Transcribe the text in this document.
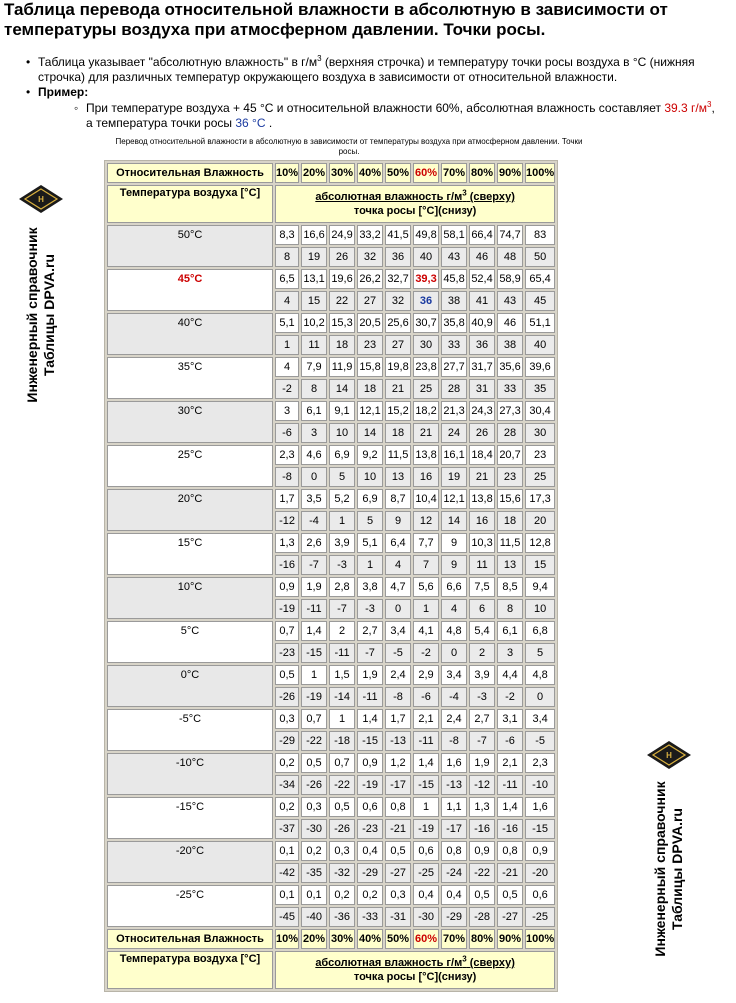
Таблица перевода относительной влажности в абсолютную в зависимости от температуры воздуха при атмосферном давлении. Точки росы.
• Таблица указывает "абсолютную влажность" в $г/м^3$ (верхняя строчка) и температуру точки росы воздуха в °С (нижняя строчка) для различных температур окружающего воздуха в зависимости от относительной влажности.
• Пример:
◦ При температуре воздуха + 45 °С и относительной влажности 60%, абсолютная влажность составляет 39.3 $г/м^3$, а температура точки росы 36 °С .
Перевод относительной влажности в абсолютную в зависимости от температуры воздуха при атмосферном давлении. Точки росы.
Относительная Влажность	10%	20%	30%	40%	50%	60%	70%	80%	90%	100%
Температура воздуха [°С]	абсолютная влажность $г/м^3$ (сверху)
точка росы [°С](снизу)									
50°C	8,3	16,6	24,9	33,2	41,5	49,8	58,1	66,4	74,7	83
	8	19	26	32	36	40	43	46	48	50
45°C	6,5	13,1	19,6	26,2	32,7	39,3	45,8	52,4	58,9	65,4
	4	15	22	27	32	36	38	41	43	45
40°C	5,1	10,2	15,3	20,5	25,6	30,7	35,8	40,9	46	51,1
	1	11	18	23	27	30	33	36	38	40
35°C	4	7,9	11,9	15,8	19,8	23,8	27,7	31,7	35,6	39,6
	-2	8	14	18	21	25	28	31	33	35
30°C	3	6,1	9,1	12,1	15,2	18,2	21,3	24,3	27,3	30,4
	-6	3	10	14	18	21	24	26	28	30
25°C	2,3	4,6	6,9	9,2	11,5	13,8	16,1	18,4	20,7	23
	-8	0	5	10	13	16	19	21	23	25
20°C	1,7	3,5	5,2	6,9	8,7	10,4	12,1	13,8	15,6	17,3
	-12	-4	1	5	9	12	14	16	18	20
15°C	1,3	2,6	3,9	5,1	6,4	7,7	9	10,3	11,5	12,8
	-16	-7	-3	1	4	7	9	11	13	15
10°C	0,9	1,9	2,8	3,8	4,7	5,6	6,6	7,5	8,5	9,4
	-19	-11	-7	-3	0	1	4	6	8	10
5°C	0,7	1,4	2	2,7	3,4	4,1	4,8	5,4	6,1	6,8
	-23	-15	-11	-7	-5	-2	0	2	3	5
0°C	0,5	1	1,5	1,9	2,4	2,9	3,4	3,9	4,4	4,8
	-26	-19	-14	-11	-8	-6	-4	-3	-2	0
-5°C	0,3	0,7	1	1,4	1,7	2,1	2,4	2,7	3,1	3,4
	-29	-22	-18	-15	-13	-11	-8	-7	-6	-5
-10°C	0,2	0,5	0,7	0,9	1,2	1,4	1,6	1,9	2,1	2,3
	-34	-26	-22	-19	-17	-15	-13	-12	-11	-10
-15°C	0,2	0,3	0,5	0,6	0,8	1	1,1	1,3	1,4	1,6
	-37	-30	-26	-23	-21	-19	-17	-16	-16	-15
-20°C	0,1	0,2	0,3	0,4	0,5	0,6	0,8	0,9	0,8	0,9
	-42	-35	-32	-29	-27	-25	-24	-22	-21	-20
-25°C	0,1	0,1	0,2	0,2	0,3	0,4	0,4	0,5	0,5	0,6
	-45	-40	-36	-33	-31	-30	-29	-28	-27	-25
Относительная Влажность	10%	20%	30%	40%	50%	60%	70%	80%	90%	100%
Температура воздуха [°С]	абсолютная влажность $г/м^3$ (сверху)
точка росы [°С](снизу)									
H
Инженерный справочник Таблицы DPVA.ru
H
Инженерный справочник Таблицы DPVA.ru
